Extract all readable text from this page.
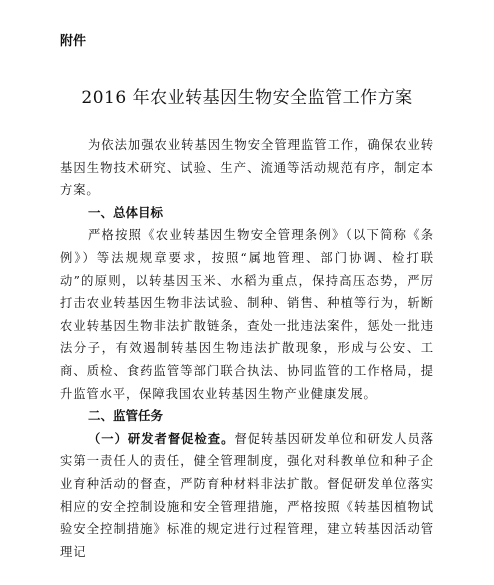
附件
2016 年农业转基因生物安全监管工作方案

为依法加强农业转基因生物安全管理监管工作，确保农业转基因生物技术研究、试验、生产、流通等活动规范有序，制定本方案。

一、总体目标

严格按照《农业转基因生物安全管理条例》（以下简称《条例》）等法规规章要求，按照“属地管理、部门协调、检打联动”的原则，以转基因玉米、水稻为重点，保持高压态势，严厉打击农业转基因生物非法试验、制种、销售、种植等行为，斩断农业转基因生物非法扩散链条，查处一批违法案件，惩处一批违法分子，有效遏制转基因生物违法扩散现象，形成与公安、工商、质检、食药监管等部门联合执法、协同监管的工作格局，提升监管水平，保障我国农业转基因生物产业健康发展。

二、监管任务

（一）研发者督促检查。督促转基因研发单位和研发人员落实第一责任人的责任，健全管理制度，强化对科教单位和种子企业育种活动的督查，严防育种材料非法扩散。督促研发单位落实相应的安全控制设施和安全管理措施，严格按照《转基因植物试验安全控制措施》标准的规定进行过程管理，建立转基因活动管理记
